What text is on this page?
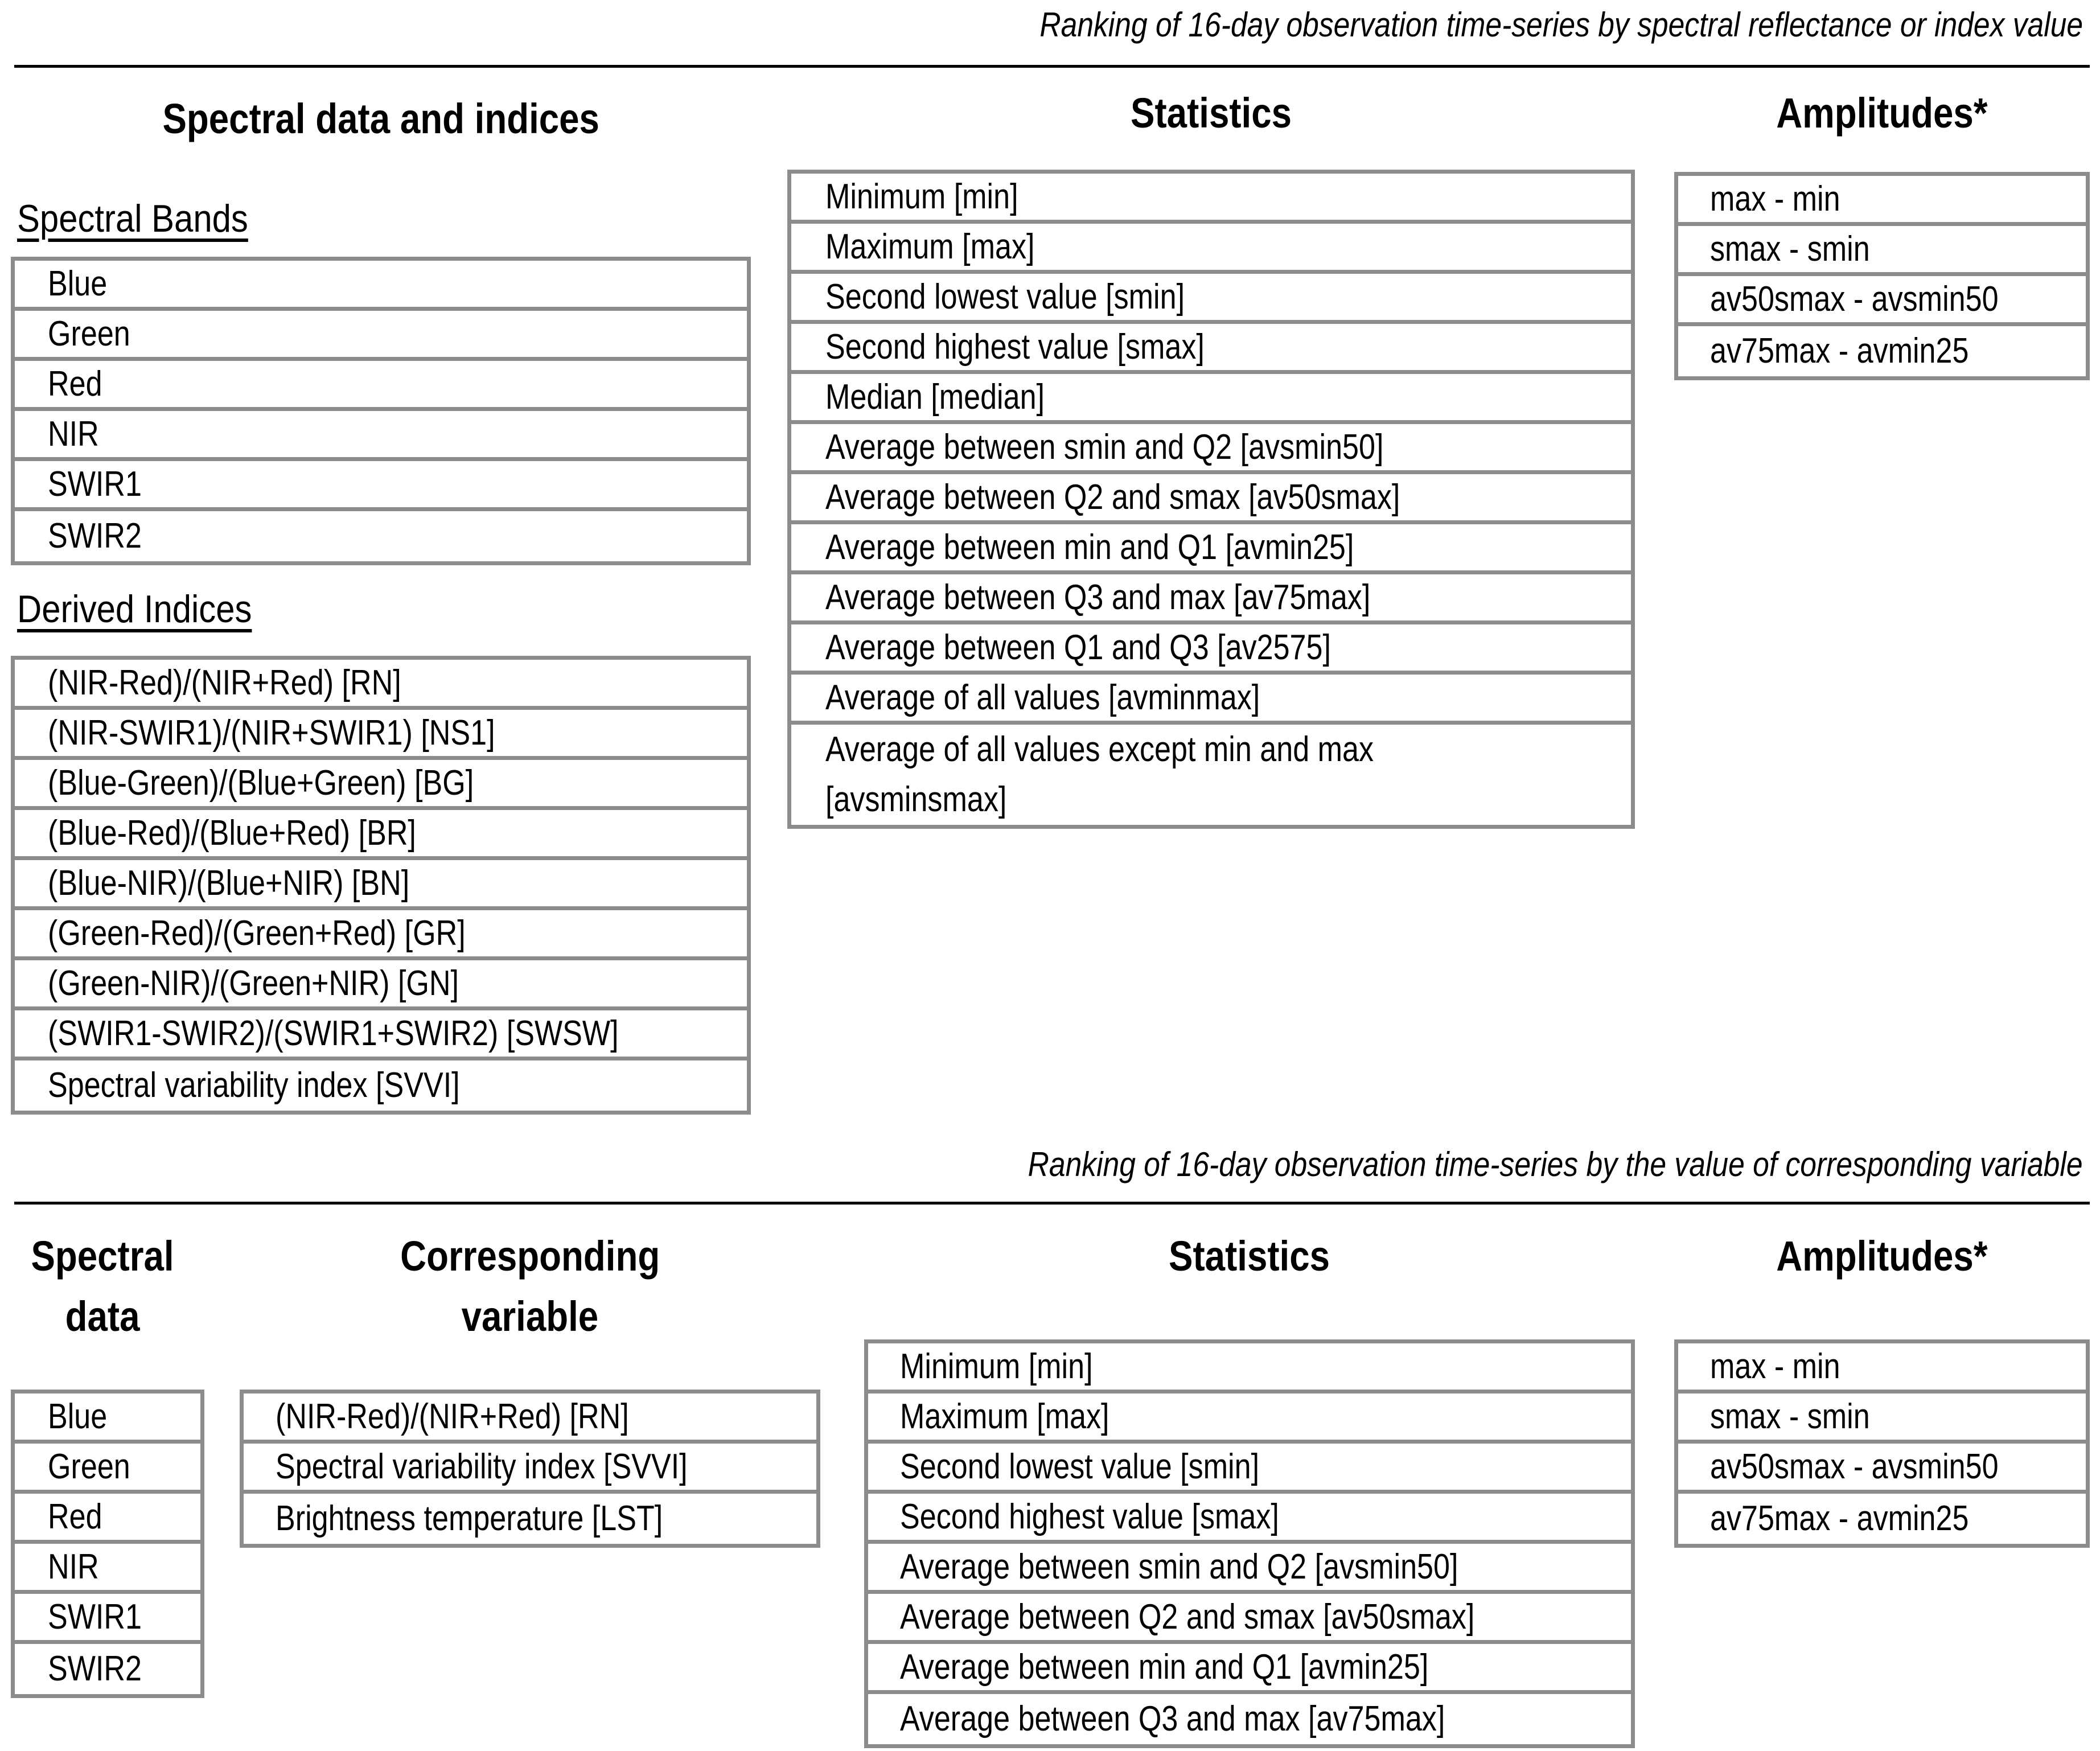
Ranking of 16-day observation time-series by spectral reflectance or index value
Spectral data and indices
Spectral Bands
Blue
Green
Red
NIR
SWIR1
SWIR2
Derived Indices
(NIR-Red)/(NIR+Red) [RN]
(NIR-SWIR1)/(NIR+SWIR1) [NS1]
(Blue-Green)/(Blue+Green) [BG]
(Blue-Red)/(Blue+Red) [BR]
(Blue-NIR)/(Blue+NIR) [BN]
(Green-Red)/(Green+Red) [GR]
(Green-NIR)/(Green+NIR) [GN]
(SWIR1-SWIR2)/(SWIR1+SWIR2) [SWSW]
Spectral variability index [SVVI]
Statistics
Minimum [min]
Maximum [max]
Second lowest value [smin]
Second highest value [smax]
Median [median]
Average between smin and Q2 [avsmin50]
Average between Q2 and smax [av50smax]
Average between min and Q1 [avmin25]
Average between Q3 and max [av75max]
Average between Q1 and Q3 [av2575]
Average of all values [avminmax]
Average of all values except min and max [avsminsmax]
Amplitudes*
max - min
smax - smin
av50smax - avsmin50
av75max - avmin25
Ranking of 16-day observation time-series by the value of corresponding variable
Spectral
data
Corresponding
variable
Blue
Green
Red
NIR
SWIR1
SWIR2
(NIR-Red)/(NIR+Red) [RN]
Spectral variability index [SVVI]
Brightness temperature [LST]
Statistics
Minimum [min]
Maximum [max]
Second lowest value [smin]
Second highest value [smax]
Average between smin and Q2 [avsmin50]
Average between Q2 and smax [av50smax]
Average between min and Q1 [avmin25]
Average between Q3 and max [av75max]
Amplitudes*
max - min
smax - smin
av50smax - avsmin50
av75max - avmin25
